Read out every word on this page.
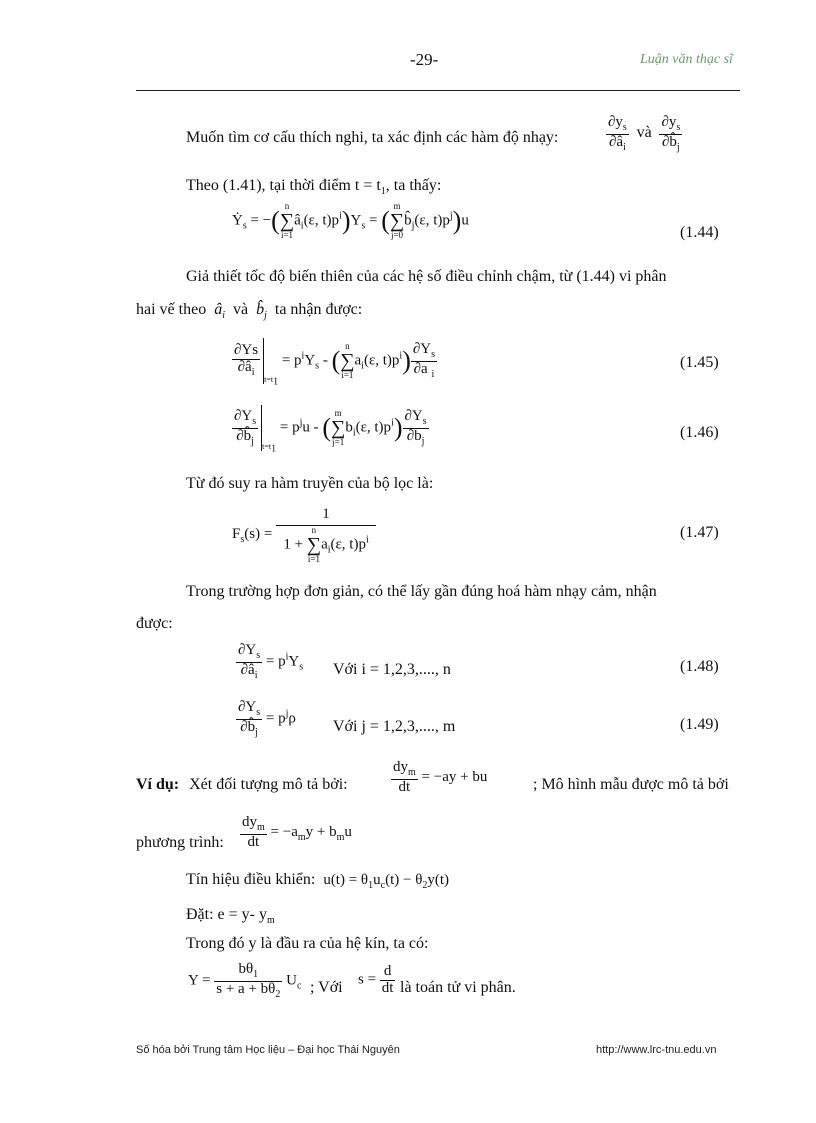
-29-	Luận văn thạc sĩ
Muốn tìm cơ cấu thích nghi, ta xác định các hàm độ nhạy:	$\frac{\partial y_s}{\partial â_i}$ và $\frac{\partial y_s}{\partial b̂_j}$
Theo (1.41), tại thời điểm $t = t_1$, ta thấy:
Ẏ$_s$ = −( n
∑
i=1
$â_i(\varepsilon$, $t)p^i)Y_s$ = ( m
∑
j=0
$b̂_j(\varepsilon$, $t)p^j)u$
(1.44)
Giả thiết tốc độ biến thiên của các hệ số điều chỉnh chậm, từ (1.44) vi phân
hai vế theo $â_i$ và $b̂_j$ ta nhận được:
$\frac{\partial Ys}{\partial â_i}$
$_{t=t_1} = p^iY_s$ - ( n
∑
i=1
$a_i(\varepsilon$, $t)p^i) \frac{\partial Y_s}{\partial a _i}$	(1.45)
$\frac{\partial Y_s}{\partial b̂_j} _{t=t_1} = p^ju$ - ( m
∑
j=1
$b_i(\varepsilon$, $t)p^i) \frac{\partial Y_s}{\partial b_j}$	(1.46)
Từ đó suy ra hàm truyền của bộ lọc là:
$F_s(s) = 1$
1 +
n
∑
i=1
$a_i(\varepsilon$, $t)p^i$	(1.47)
Trong trường hợp đơn giản, có thể lấy gần đúng hoá hàm nhạy cảm, nhận
được:
$\frac{\partial Y_s}{\partial â_i} = p^iY_s$ Với i = 1,2,3,...., n	(1.48)
$\frac{\partial Y_s}{\partial b̂_j} = p^j\rho$ Với j = 1,2,3,...., m	(1.49)
Ví dụ: Xét đối tượng mô tả bởi:	$\frac{dy_m}{dt} = -ay$ + bu	; Mô hình mẫu được mô tả bởi
phương trình: $\frac{dy_m}{dt} = -a_my + b_mu$
Tín hiệu điều khiển: $u(t) = \theta_1u_c(t) - \theta_2y(t)$
Đặt: e = y- $y_m$
Trong đó y là đầu ra của hệ kín, ta có:
$Y = \frac{b\theta_1}{s + a + b\theta_2} U_c$ ; Với $s = \frac{d}{dt}$ là toán tử vi phân.
Số hóa bởi Trung tâm Học liệu – Đại học Thái Nguyên	http://www.lrc-tnu.edu.vn
